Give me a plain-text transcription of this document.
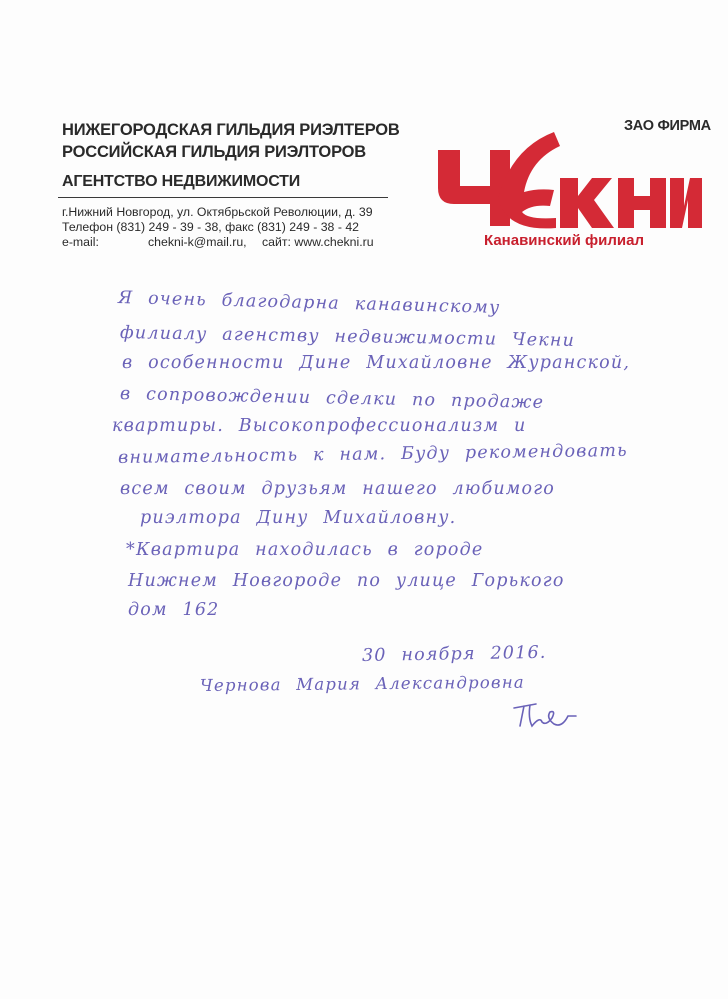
НИЖЕГОРОДСКАЯ ГИЛЬДИЯ РИЭЛТЕРОВ
РОССИЙСКАЯ ГИЛЬДИЯ РИЭЛТОРОВ
АГЕНТСТВО НЕДВИЖИМОСТИ
г.Нижний Новгород, ул. Октябрьской Революции, д. 39
Телефон (831) 249 - 39 - 38, факс (831) 249 - 38 - 42
e-mail:	chekni-k@mail.ru, сайт: www.chekni.ru
ЗАО ФИРМА
Канавинский филиал
Я очень благодарна канавинскому
филиалу агенству недвижимости Чекни
в особенности Дине Михайловне Журанской,
в сопровождении сделки по продаже
квартиры. Высокопрофессионализм и
внимательность к нам. Буду рекомендовать
всем своим друзьям нашего любимого
риэлтора Дину Михайловну.
*Квартира находилась в городе
Нижнем Новгороде по улице Горького
дом 162
30 ноября 2016.
Чернова Мария Александровна
